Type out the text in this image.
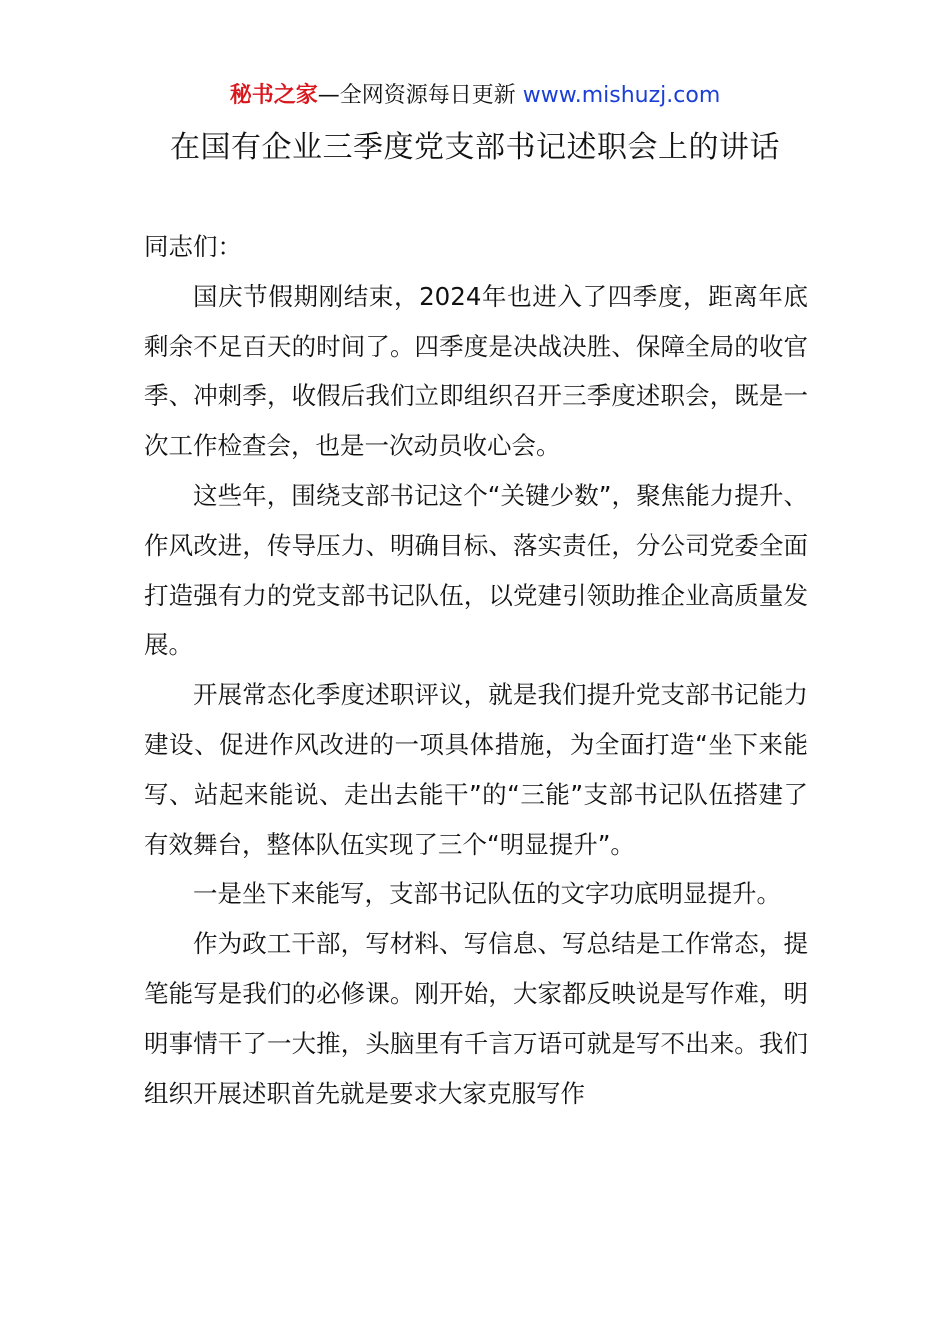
秘书之家—全网资源每日更新 www.mishuzj.com
在国有企业三季度党支部书记述职会上的讲话

同志们：

国庆节假期刚结束，2024年也进入了四季度，距离年底剩余不足百天的时间了。四季度是决战决胜、保障全局的收官季、冲刺季，收假后我们立即组织召开三季度述职会，既是一次工作检查会，也是一次动员收心会。

这些年，围绕支部书记这个“关键少数”，聚焦能力提升、作风改进，传导压力、明确目标、落实责任，分公司党委全面打造强有力的党支部书记队伍，以党建引领助推企业高质量发展。

开展常态化季度述职评议，就是我们提升党支部书记能力建设、促进作风改进的一项具体措施，为全面打造“坐下来能写、站起来能说、走出去能干”的“三能”支部书记队伍搭建了有效舞台，整体队伍实现了三个“明显提升”。

一是坐下来能写，支部书记队伍的文字功底明显提升。

作为政工干部，写材料、写信息、写总结是工作常态，提笔能写是我们的必修课。刚开始，大家都反映说是写作难，明明事情干了一大推，头脑里有千言万语可就是写不出来。我们组织开展述职首先就是要求大家克服写作
